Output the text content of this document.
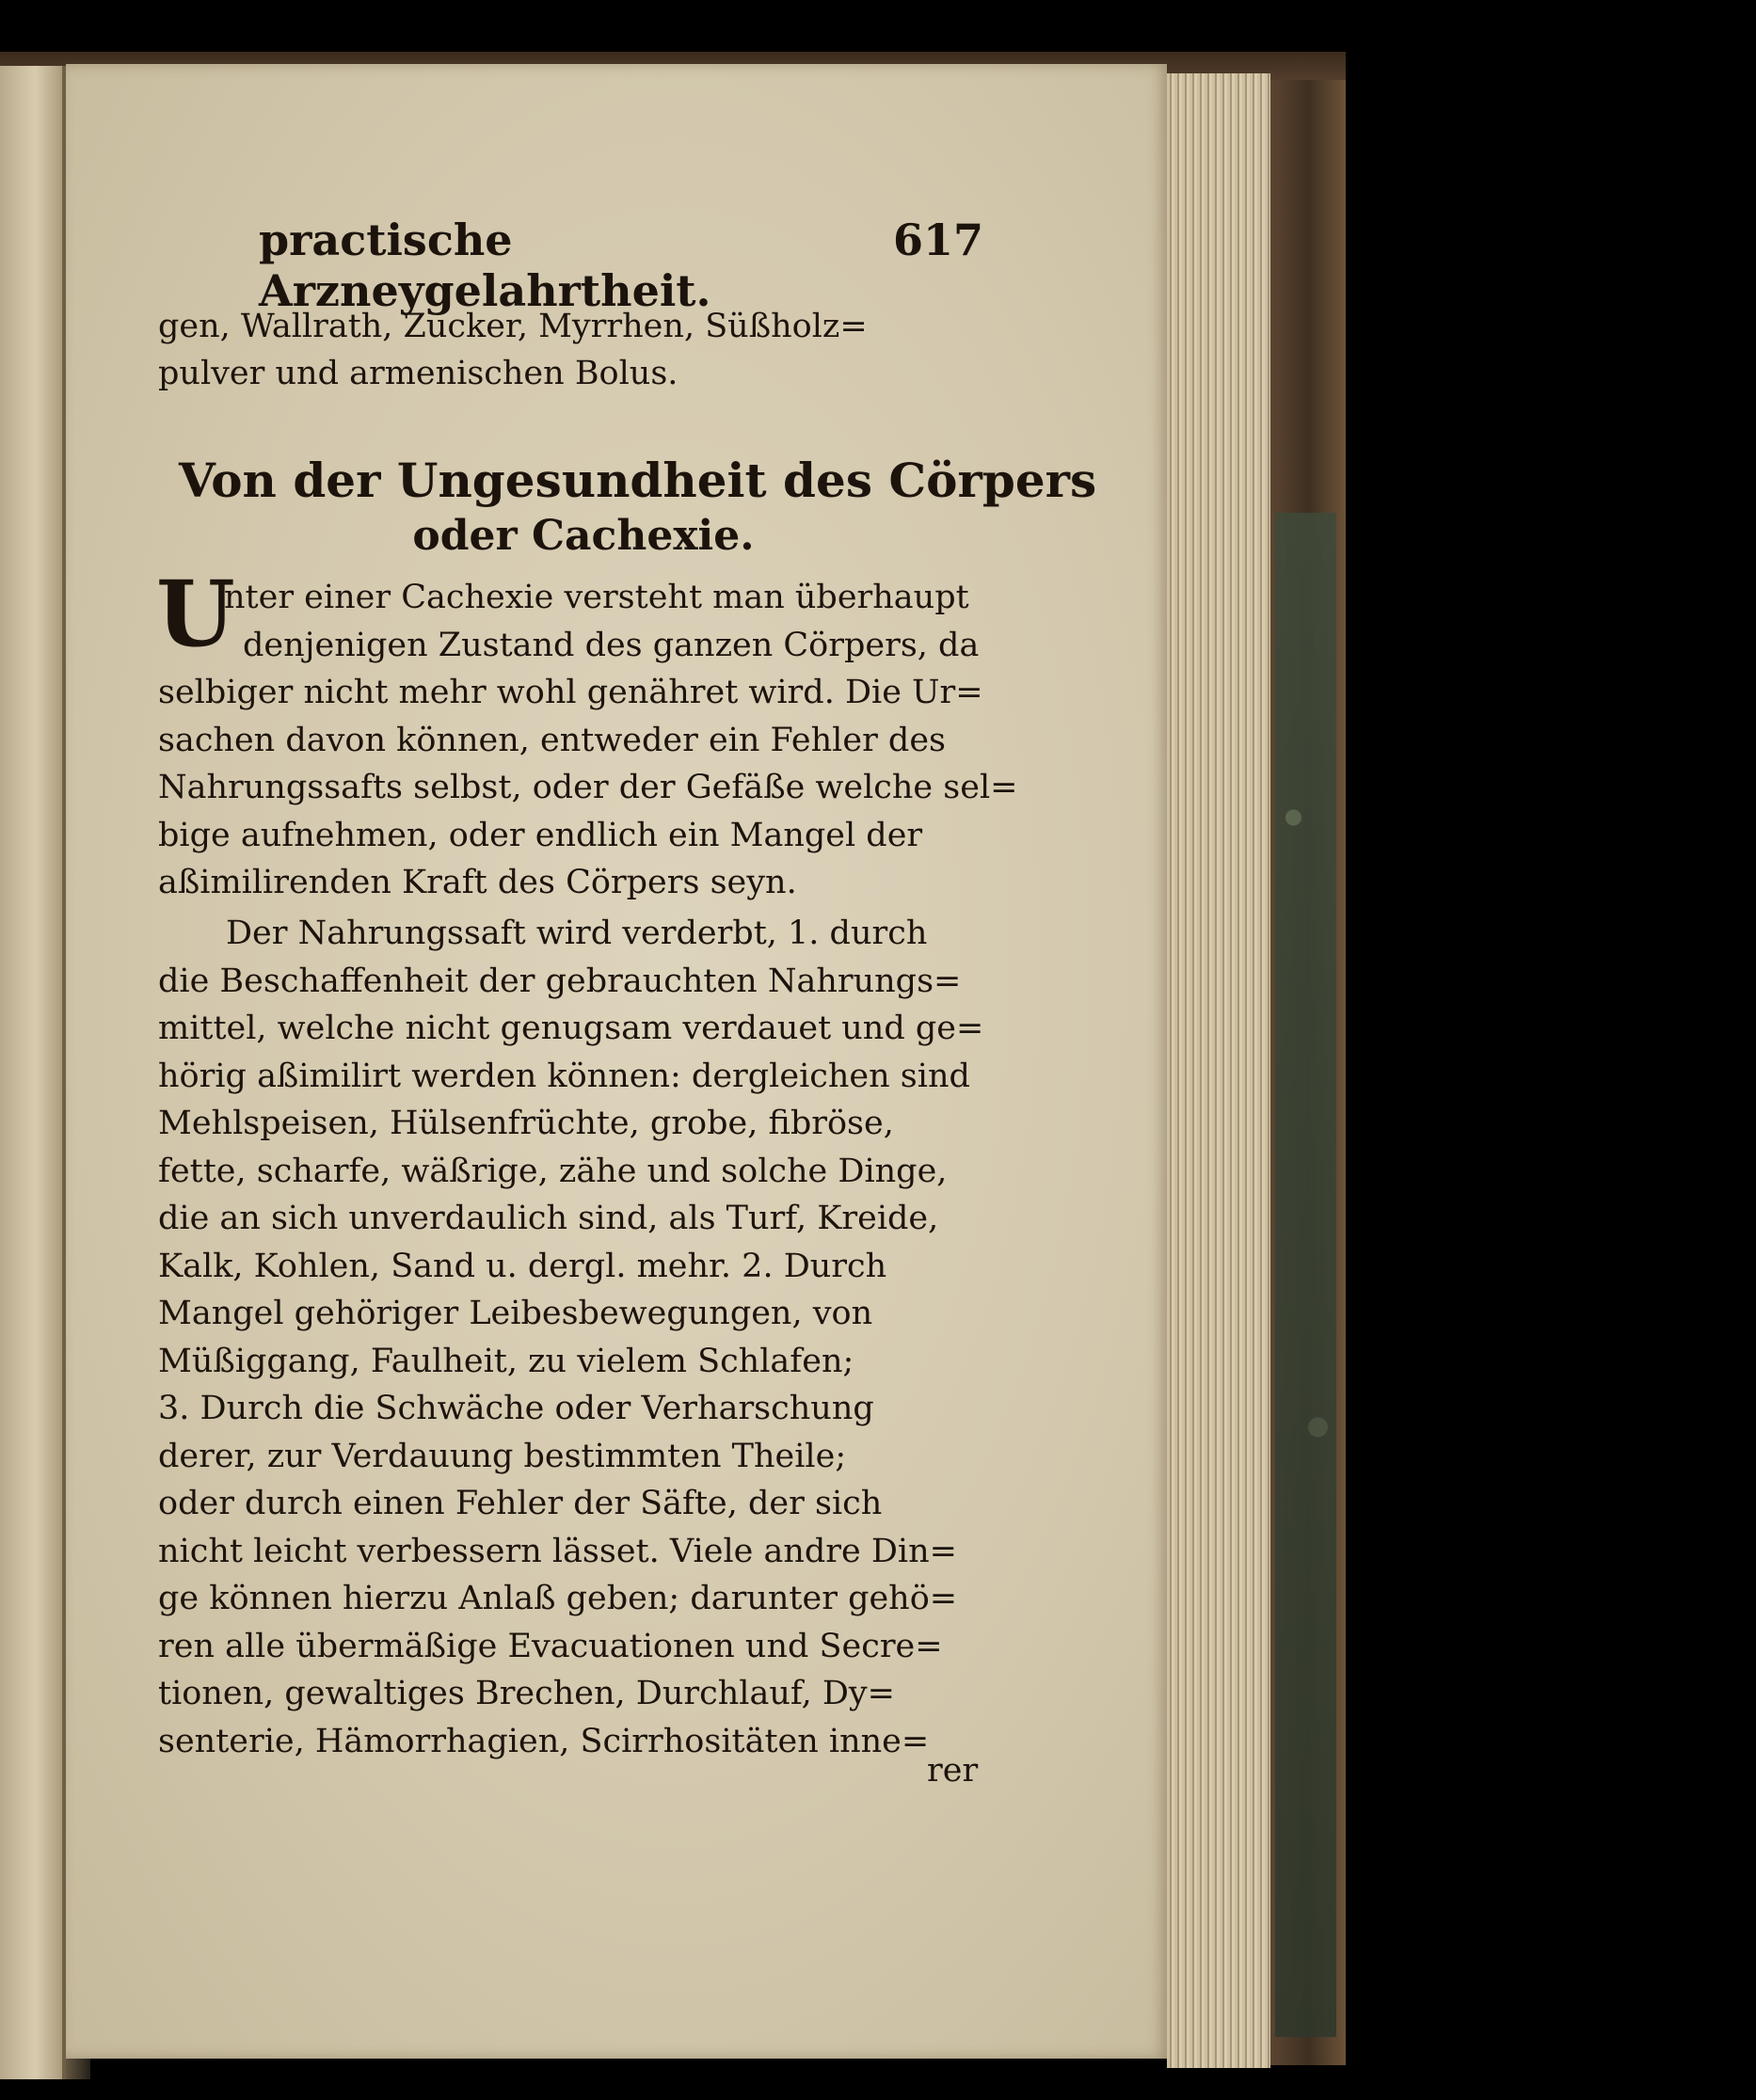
practische Arzneygelahrtheit.
617
gen, Wallrath, Zucker, Myrrhen, Süßholz=
pulver und armenischen Bolus.
Von der Ungesundheit des Cörpers
oder Cachexie.
U
rer
nter einer Cachexie versteht man überhaupt
denjenigen Zustand des ganzen Cörpers, da
selbiger nicht mehr wohl genähret wird. Die Ur=
sachen davon können, entweder ein Fehler des
Nahrungssafts selbst, oder der Gefäße welche sel=
bige aufnehmen, oder endlich ein Mangel der
aßimilirenden Kraft des Cörpers seyn.
Der Nahrungssaft wird verderbt, 1. durch
die Beschaffenheit der gebrauchten Nahrungs=
mittel, welche nicht genugsam verdauet und ge=
hörig aßimilirt werden können: dergleichen sind
Mehlspeisen, Hülsenfrüchte, grobe, fibröse,
fette, scharfe, wäßrige, zähe und solche Dinge,
die an sich unverdaulich sind, als Turf, Kreide,
Kalk, Kohlen, Sand u. dergl. mehr. 2. Durch
Mangel gehöriger Leibesbewegungen, von
Müßiggang, Faulheit, zu vielem Schlafen;
3. Durch die Schwäche oder Verharschung
derer, zur Verdauung bestimmten Theile;
oder durch einen Fehler der Säfte, der sich
nicht leicht verbessern lässet. Viele andre Din=
ge können hierzu Anlaß geben; darunter gehö=
ren alle übermäßige Evacuationen und Secre=
tionen, gewaltiges Brechen, Durchlauf, Dy=
senterie, Hämorrhagien, Scirrhositäten inne=
